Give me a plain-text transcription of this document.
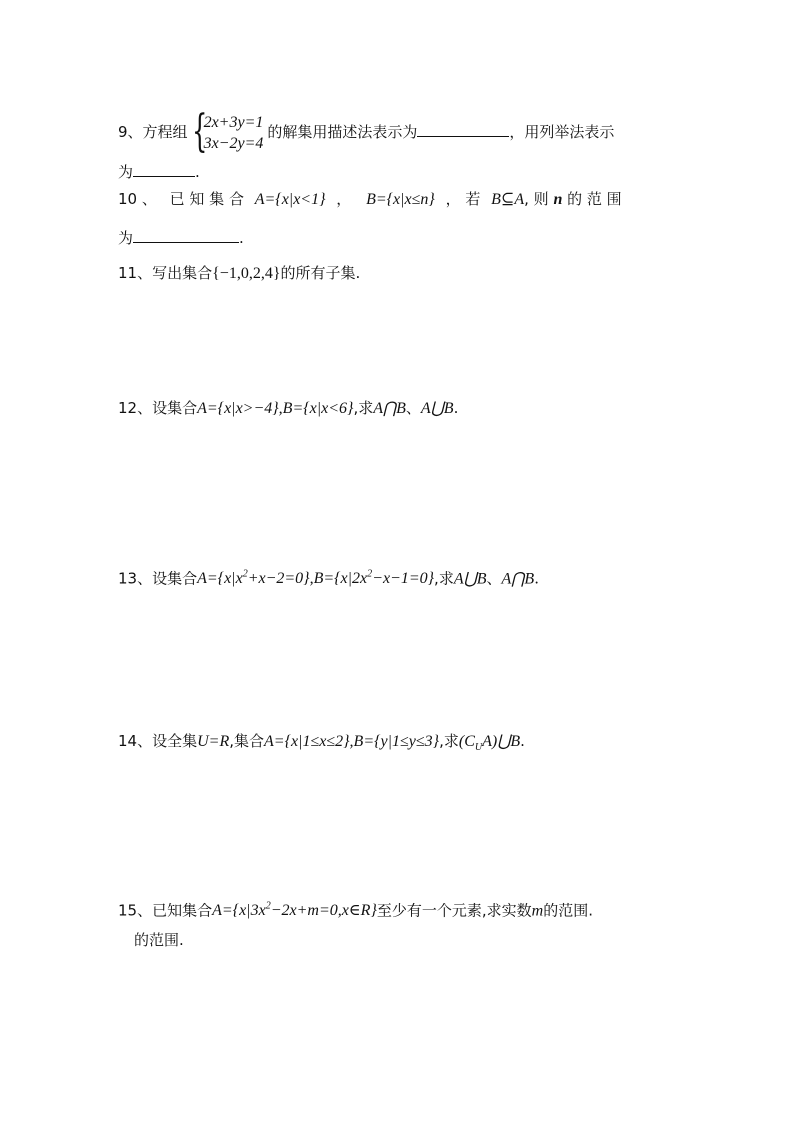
9、方程组 {
2x+3y=1
3x−2y=4
的解集用描述法表示为	，用列举法表示
为	.
10 、 已 知 集 合 A={x|x<1} ， B={x|x≤n} ， 若 B⊆A, 则 n 的 范 围
为	.
11、写出集合{−1,0,2,4}的所有子集.
12、设集合A={x|x>−4},B={x|x<6},求A⋂B、A⋃B.
13、设集合$A=\{x|x^2+x-2=0\},B=\{x|2x^2-x-1=0\}$,求A⋃B、A⋂B.
14、设全集U=R,集合A={x|1≤x≤2},B={y|1≤y≤3},求$(C_UA)⋃B$.
15、已知集合$A=\{x|3x^2-2x+m=0,x\in R\}$至少有一个元素,求实数m的范围.
的范围.
